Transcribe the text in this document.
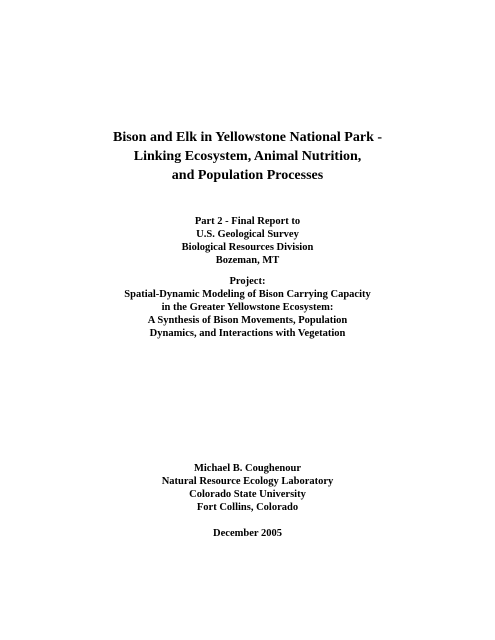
Bison and Elk in Yellowstone National Park -
Linking Ecosystem, Animal Nutrition,
and Population Processes
Part 2 - Final Report to
U.S. Geological Survey
Biological Resources Division
Bozeman, MT
Project:
Spatial-Dynamic Modeling of Bison Carrying Capacity
in the Greater Yellowstone Ecosystem:
A Synthesis of Bison Movements, Population
Dynamics, and Interactions with Vegetation
Michael B. Coughenour
Natural Resource Ecology Laboratory
Colorado State University
Fort Collins, Colorado
December 2005
